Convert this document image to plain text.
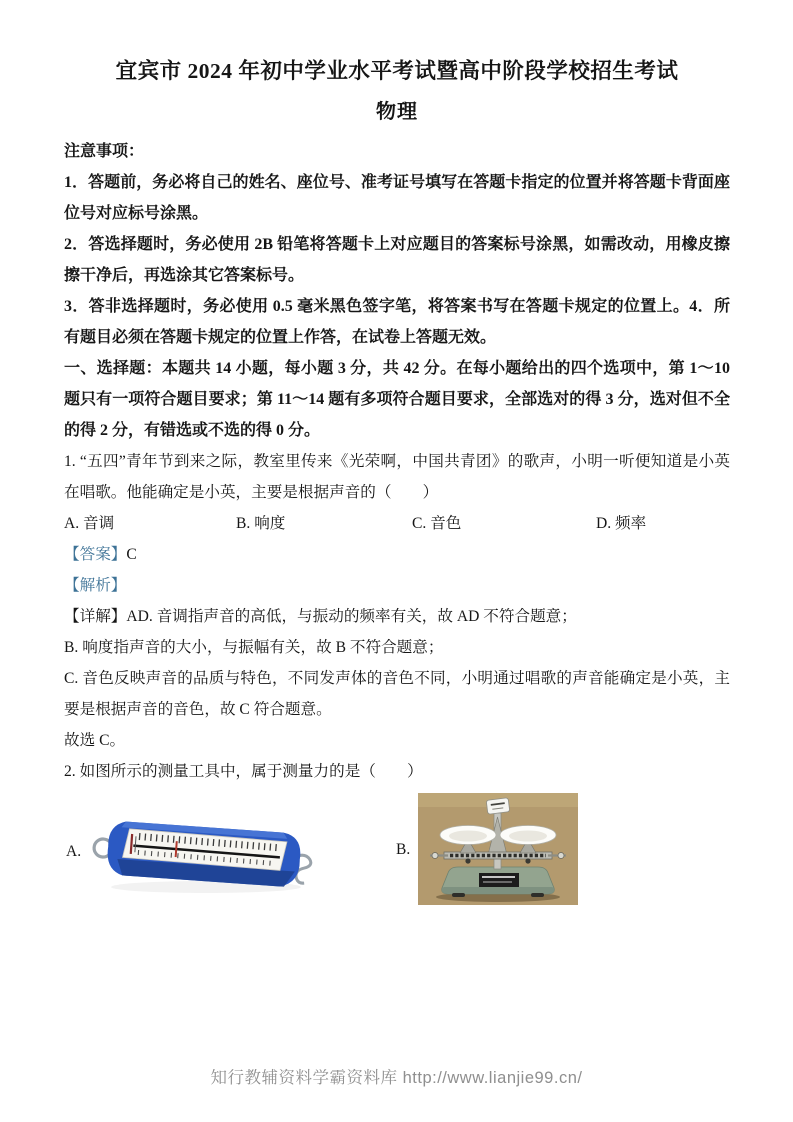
宜宾市 2024 年初中学业水平考试暨高中阶段学校招生考试
物理

注意事项：

1．答题前，务必将自己的姓名、座位号、准考证号填写在答题卡指定的位置并将答题卡背面座位号对应标号涂黑。

2．答选择题时，务必使用 2B 铅笔将答题卡上对应题目的答案标号涂黑，如需改动，用橡皮擦擦干净后，再选涂其它答案标号。

3．答非选择题时，务必使用 0.5 毫米黑色签字笔，将答案书写在答题卡规定的位置上。4．所有题目必须在答题卡规定的位置上作答，在试卷上答题无效。

一、选择题：本题共 14 小题，每小题 3 分，共 42 分。在每小题给出的四个选项中，第 1～10 题只有一项符合题目要求；第 11～14 题有多项符合题目要求，全部选对的得 3 分，选对但不全的得 2 分，有错选或不选的得 0 分。

1. “五四”青年节到来之际，教室里传来《光荣啊，中国共青团》的歌声，小明一听便知道是小英在唱歌。他能确定是小英，主要是根据声音的（　　）

A. 音调	B. 响度	C. 音色	D. 频率

【答案】C

【解析】

【详解】AD. 音调指声音的高低，与振动的频率有关，故 AD 不符合题意；

B. 响度指声音的大小，与振幅有关，故 B 不符合题意；

C. 音色反映声音的品质与特色，不同发声体的音色不同，小明通过唱歌的声音能确定是小英，主要是根据声音的音色，故 C 符合题意。

故选 C。

2. 如图所示的测量工具中，属于测量力的是（　　）

A.	B.
知行教辅资料学霸资料库 http://www.lianjie99.cn/
